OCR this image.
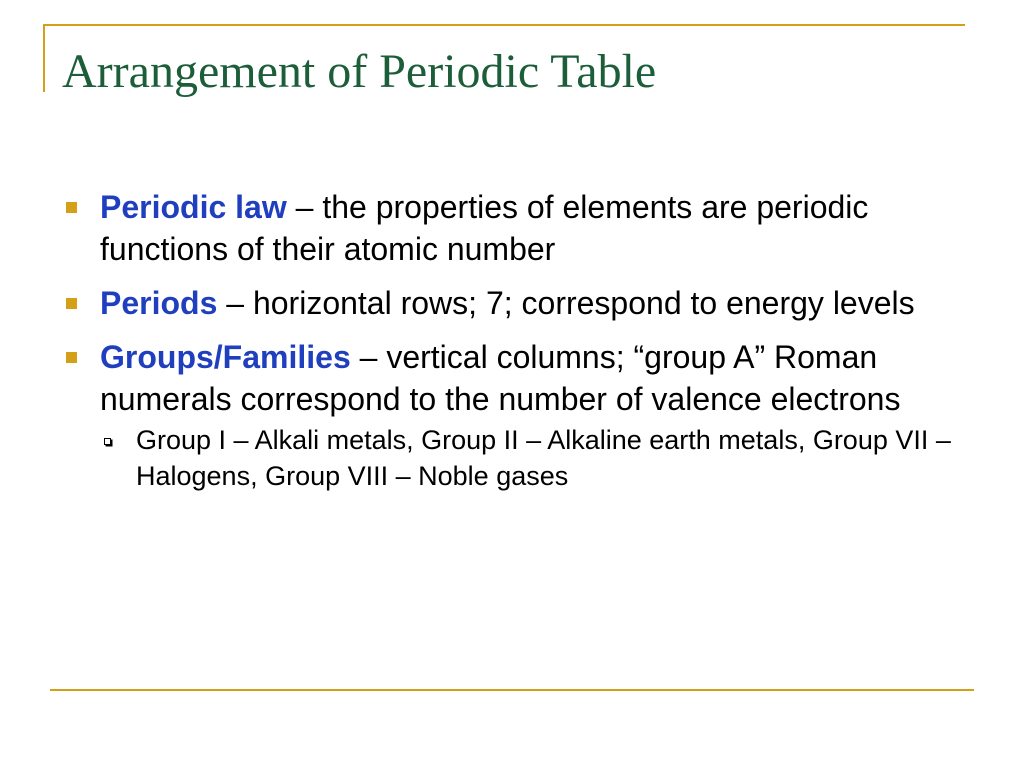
Arrangement of Periodic Table
Periodic law – the properties of elements are periodic functions of their atomic number
Periods – horizontal rows; 7; correspond to energy levels
Groups/Families – vertical columns; “group A” Roman numerals correspond to the number of valence electrons
Group I – Alkali metals, Group II – Alkaline earth metals, Group VII – Halogens, Group VIII – Noble gases
